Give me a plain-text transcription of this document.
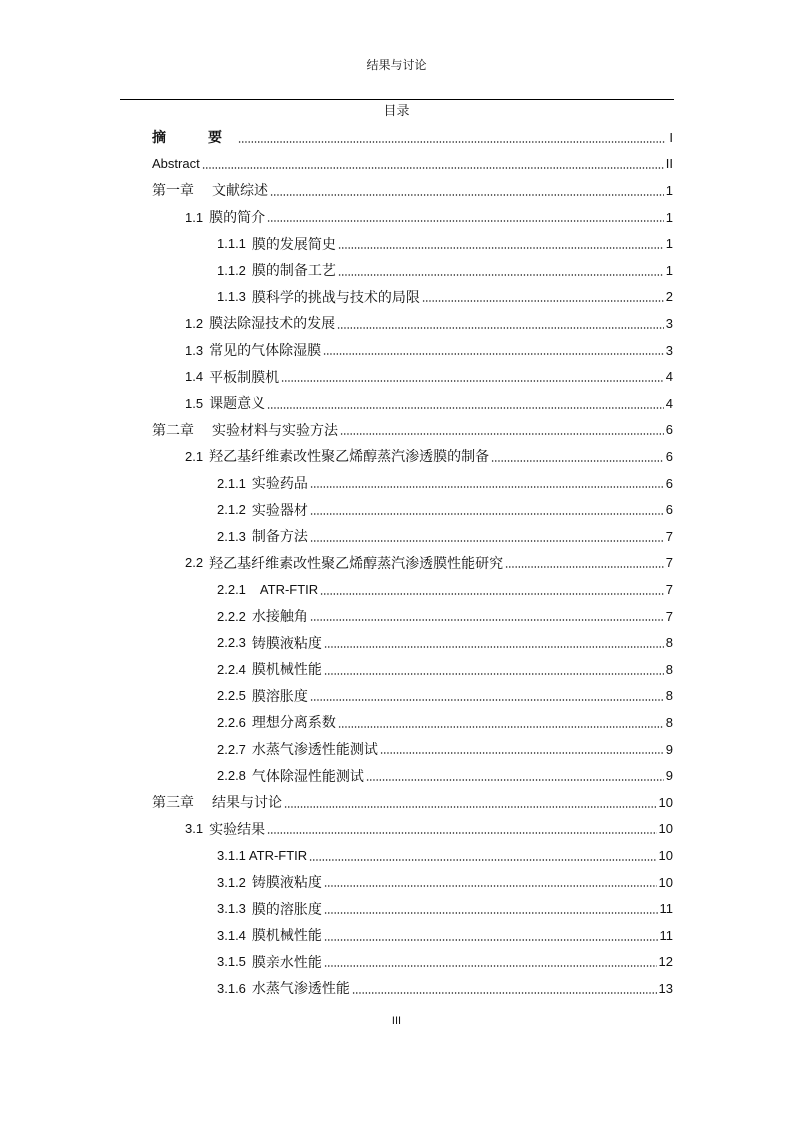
结果与讨论
目录
摘　要	I
Abstract	II
第一章 文献综述	1
1.1 膜的简介	1
1.1.1 膜的发展简史	1
1.1.2 膜的制备工艺	1
1.1.3 膜科学的挑战与技术的局限	2
1.2 膜法除湿技术的发展	3
1.3 常见的气体除湿膜	3
1.4 平板制膜机	4
1.5 课题意义	4
第二章 实验材料与实验方法	6
2.1 羟乙基纤维素改性聚乙烯醇蒸汽渗透膜的制备	6
2.1.1 实验药品	6
2.1.2 实验器材	6
2.1.3 制备方法	7
2.2 羟乙基纤维素改性聚乙烯醇蒸汽渗透膜性能研究	7
2.2.1 ATR-FTIR	7
2.2.2 水接触角	7
2.2.3 铸膜液粘度	8
2.2.4 膜机械性能	8
2.2.5 膜溶胀度	8
2.2.6 理想分离系数	8
2.2.7 水蒸气渗透性能测试	9
2.2.8 气体除湿性能测试	9
第三章 结果与讨论	10
3.1 实验结果	10
3.1.1 ATR-FTIR	10
3.1.2 铸膜液粘度	10
3.1.3 膜的溶胀度	11
3.1.4 膜机械性能	11
3.1.5 膜亲水性能	12
3.1.6 水蒸气渗透性能	13
III
